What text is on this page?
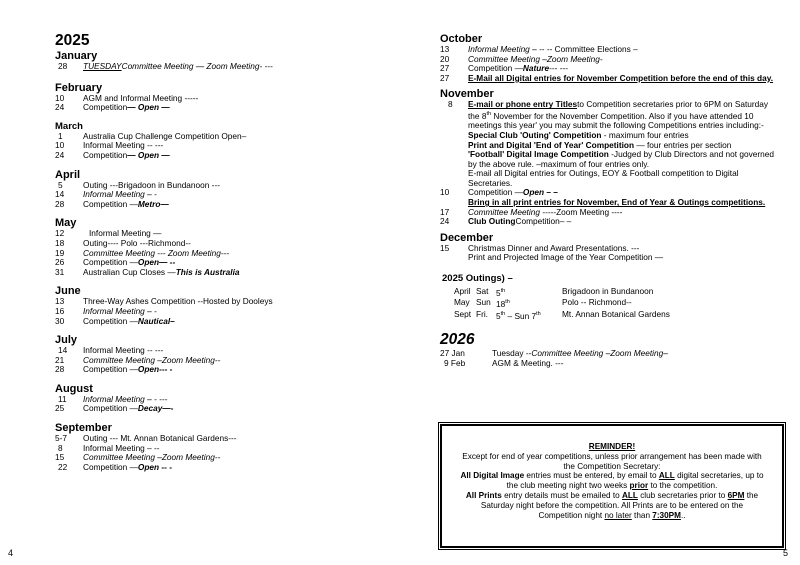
2025
January
28	TUESDAY Committee Meeting — Zoom Meeting- ---
February
10	AGM and Informal Meeting -----
24	Competition — Open —
March
1	Australia Cup Challenge Competition Open–
10	Informal Meeting -- ---
24	Competition — Open —
April
5	Outing ---Brigadoon in Bundanoon ---
14	Informal Meeting – -
28	Competition — Metro—
May
12	Informal Meeting —
18	Outing---- Polo ---Richmond--
19	Committee Meeting --- Zoom Meeting---
26	Competition — Open— --
31	Australian Cup Closes — This is Australia
June
13	Three-Way Ashes Competition --Hosted by Dooleys
16	Informal Meeting – -
30	Competition — Nautical–
July
14	Informal Meeting -- ---
21	Committee Meeting –Zoom Meeting--
28	Competition — Open--- -
August
11	Informal Meeting – - ---
25	Competition — Decay—-
September
5-7	Outing --- Mt. Annan Botanical Gardens---
8	Informal Meeting – --
15	Committee Meeting –Zoom Meeting--
22	Competition — Open -- -
4
October
13	Informal Meeting – - - -- Committee Elections –
20	Committee Meeting –Zoom Meeting-
27	Competition — Nature --- ---
27	E-Mail all Digital entries for November Competition before the end of this day.
November
8	E-mail or phone entry Titles to Competition secretaries prior to 6PM on Saturday
the 8th November for the November Competition. Also if you have attended 10
meetings this year' you may submit the following Competitions entries including:-
Special Club 'Outing' Competition - maximum four entries
Print and Digital 'End of Year' Competition — four entries per section
'Football' Digital Image Competition -Judged by Club Directors and not governed
by the above rule. –maximum of four entries only.
E-mail all Digital entries for Outings, EOY & Football competition to Digital
Secretaries.
10	Competition — Open – –
Bring in all print entries for November, End of Year & Outings competitions.
17	Committee Meeting ----- Zoom Meeting ----
24	Club Outing Competition– –
December
15	Christmas Dinner and Award Presentations. ---
Print and Projected Image of the Year Competition —
2025 Outings) –
April Sat 5th	Brigadoon in Bundanoon
May Sun 18th	Polo -- Richmond--
Sept Fri. 5th – Sun 7th	Mt. Annan Botanical Gardens
2026
27 Jan	Tuesday -- Committee Meeting –Zoom Meeting–
9 Feb	AGM & Meeting. ---
5
REMINDER!
Except for end of year competitions, unless prior arrangement has been made with
the Competition Secretary:
All Digital Image entries must be entered, by email to ALL digital secretaries, up to
the club meeting night two weeks prior to the competition.
All Prints entry details must be emailed to ALL club secretaries prior to 6PM the
Saturday night before the competition. All Prints are to be entered on the
Competition night no later than 7:30PM..
